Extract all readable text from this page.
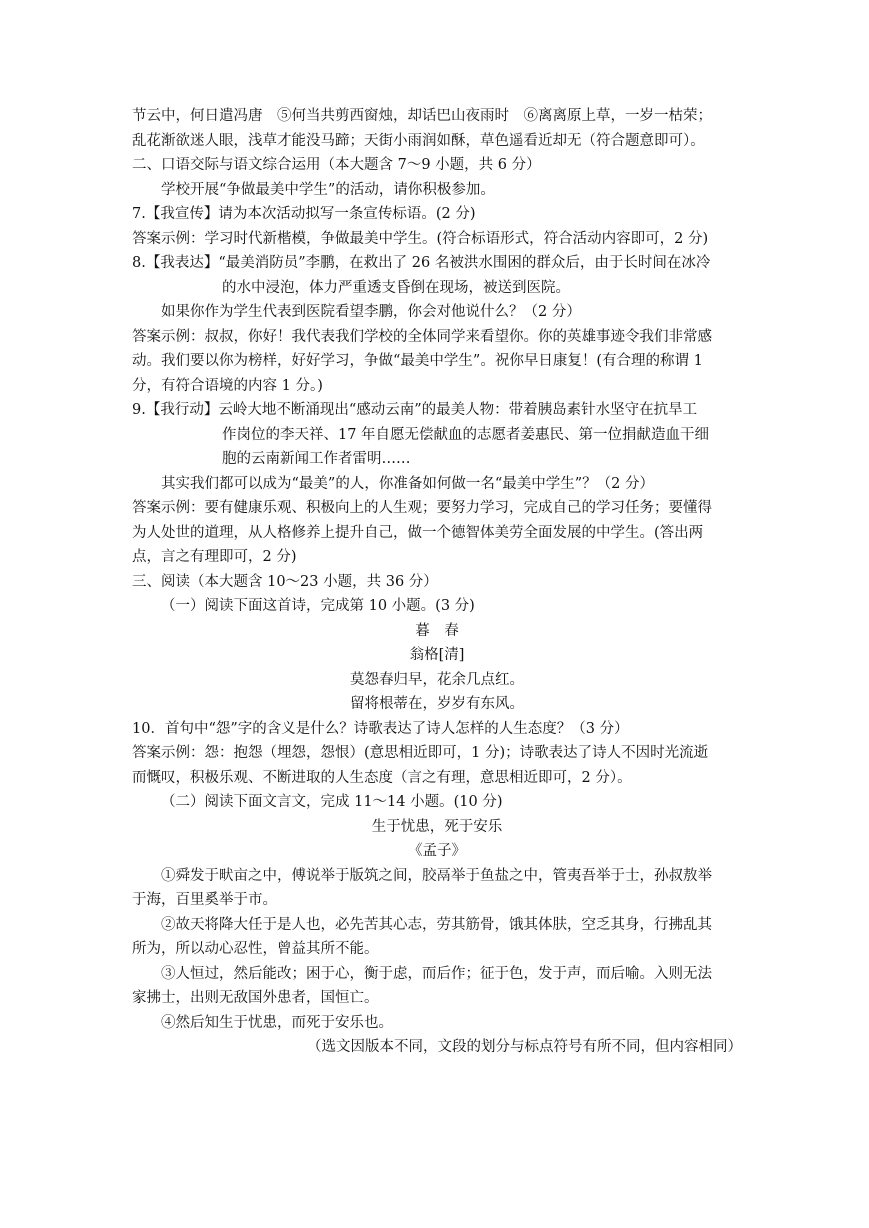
节云中，何日遣冯唐　⑤何当共剪西窗烛，却话巴山夜雨时　⑥离离原上草，一岁一枯荣；
乱花渐欲迷人眼，浅草才能没马蹄；天街小雨润如酥，草色遥看近却无（符合题意即可）。
二、口语交际与语文综合运用（本大题含 7～9 小题，共 6 分）
学校开展“争做最美中学生”的活动，请你积极参加。
7.【我宣传】请为本次活动拟写一条宣传标语。(2 分)
答案示例：学习时代新楷模，争做最美中学生。(符合标语形式，符合活动内容即可，2 分)
8.【我表达】“最美消防员”李鹏，在救出了 26 名被洪水围困的群众后，由于长时间在冰冷
的水中浸泡，体力严重透支昏倒在现场，被送到医院。
如果你作为学生代表到医院看望李鹏，你会对他说什么？（2 分）
答案示例：叔叔，你好！我代表我们学校的全体同学来看望你。你的英雄事迹令我们非常感
动。我们要以你为榜样，好好学习，争做“最美中学生”。祝你早日康复！(有合理的称谓 1
分，有符合语境的内容 1 分。)
9.【我行动】云岭大地不断涌现出“感动云南”的最美人物：带着胰岛素针水坚守在抗旱工
作岗位的李天祥、17 年自愿无偿献血的志愿者姜惠民、第一位捐献造血干细
胞的云南新闻工作者雷明……
其实我们都可以成为“最美”的人，你准备如何做一名“最美中学生”？（2 分）
答案示例：要有健康乐观、积极向上的人生观；要努力学习，完成自己的学习任务；要懂得
为人处世的道理，从人格修养上提升自己，做一个德智体美劳全面发展的中学生。(答出两
点，言之有理即可，2 分)
三、阅读（本大题含 10～23 小题，共 36 分）
（一）阅读下面这首诗，完成第 10 小题。(3 分)
暮　春
翁格[清]
莫怨春归早，花余几点红。
留将根蒂在，岁岁有东风。
10．首句中“怨”字的含义是什么？诗歌表达了诗人怎样的人生态度？（3 分）
答案示例：怨：抱怨（埋怨，怨恨）(意思相近即可，1 分)；诗歌表达了诗人不因时光流逝
而慨叹，积极乐观、不断进取的人生态度（言之有理，意思相近即可，2 分）。
（二）阅读下面文言文，完成 11～14 小题。(10 分)
生于忧患，死于安乐
《孟子》
①舜发于畎亩之中，傅说举于版筑之间，胶鬲举于鱼盐之中，管夷吾举于士，孙叔敖举
于海，百里奚举于市。
②故天将降大任于是人也，必先苦其心志，劳其筋骨，饿其体肤，空乏其身，行拂乱其
所为，所以动心忍性，曾益其所不能。
③人恒过，然后能改；困于心，衡于虑，而后作；征于色，发于声，而后喻。入则无法
家拂士，出则无敌国外患者，国恒亡。
④然后知生于忧患，而死于安乐也。
（选文因版本不同，文段的划分与标点符号有所不同，但内容相同）
